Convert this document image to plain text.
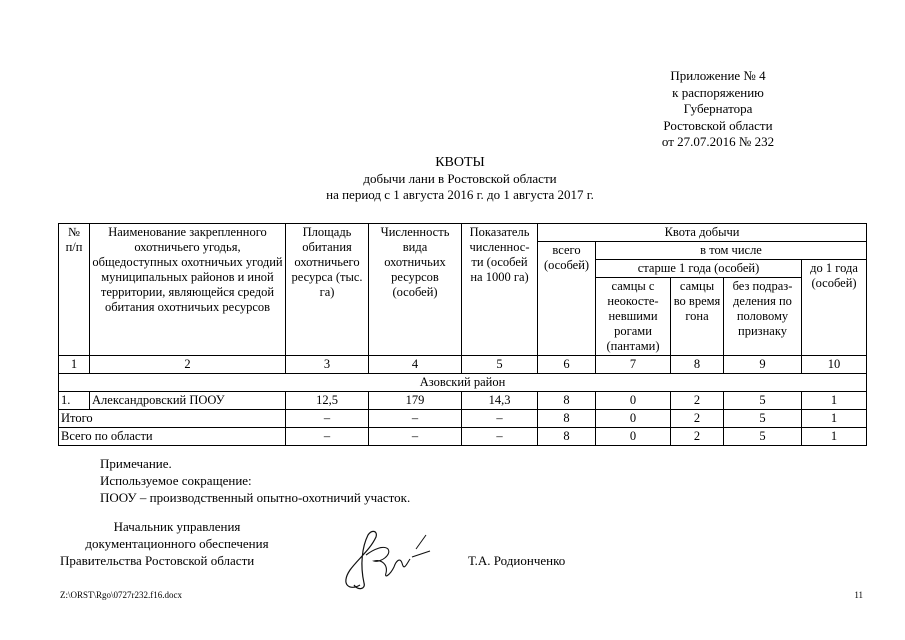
Приложение № 4
к распоряжению
Губернатора
Ростовской области
от 27.07.2016 № 232
КВОТЫ
добычи лани в Ростовской области
на период с 1 августа 2016 г. до 1 августа 2017 г.
№
п/п	Наименование закрепленного охотничьего угодья, общедоступных охотничьих угодий муниципальных районов и иной территории, являющейся средой обитания охотничьих ресурсов	Площадь обитания охотничьего ресурса (тыс. га)	Численность вида охотничьих ресурсов (особей)	Показатель численнос-ти (особей на 1000 га)	Квота добычи				
					всего (особей)	в том числе			
						старше 1 года (особей)			до 1 года (особей)
						самцы с неокосте-невшими рогами (пантами)	самцы во время гона	без подраз-деления по половому признаку	
1	2	3	4	5	6	7	8	9	10
Азовский район									
1.	Александровский ПООУ	12,5	179	14,3	8	0	2	5	1
Итого		–	–	–	8	0	2	5	1
Всего по области		–	–	–	8	0	2	5	1
Примечание.
Используемое сокращение:
ПООУ – производственный опытно-охотничий участок.
Начальник управления
документационного обеспечения
Правительства Ростовской области	Т.А. Родионченко
Z:\ORST\Rgo\0727r232.f16.docx	11
